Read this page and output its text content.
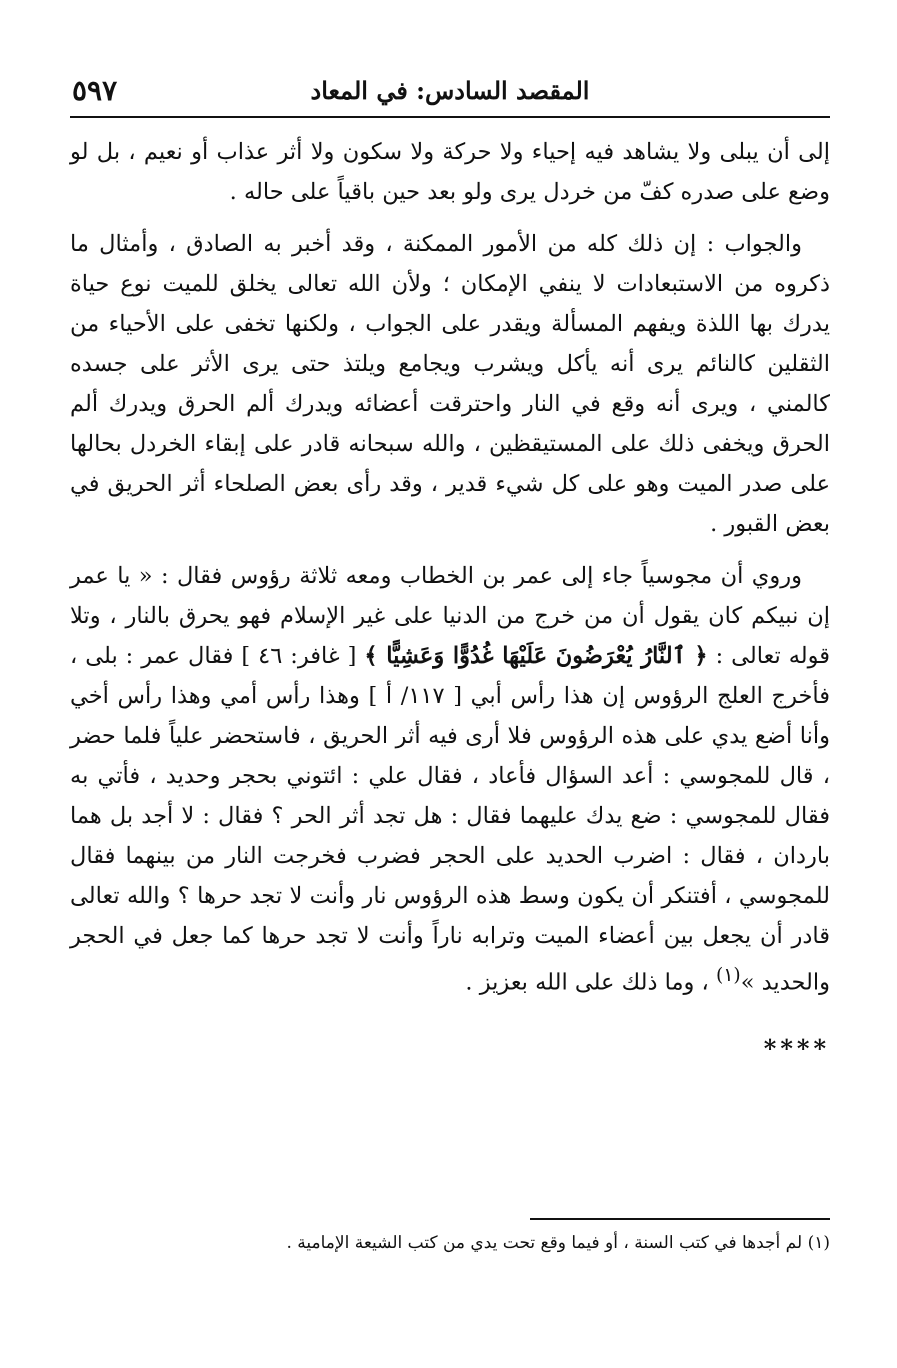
المقصد السادس: في المعاد
٥٩٧

إلى أن يبلى ولا يشاهد فيه إحياء ولا حركة ولا سكون ولا أثر عذاب أو نعيم ، بل لو وضع على صدره كفّ من خردل يرى ولو بعد حين باقياً على حاله .

والجواب : إن ذلك كله من الأمور الممكنة ، وقد أخبر به الصادق ، وأمثال ما ذكروه من الاستبعادات لا ينفي الإمكان ؛ ولأن الله تعالى يخلق للميت نوع حياة يدرك بها اللذة ويفهم المسألة ويقدر على الجواب ، ولكنها تخفى على الأحياء من الثقلين كالنائم يرى أنه يأكل ويشرب ويجامع ويلتذ حتى يرى الأثر على جسده كالمني ، ويرى أنه وقع في النار واحترقت أعضائه ويدرك ألم الحرق ويدرك ألم الحرق ويخفى ذلك على المستيقظين ، والله سبحانه قادر على إبقاء الخردل بحالها على صدر الميت وهو على كل شيء قدير ، وقد رأى بعض الصلحاء أثر الحريق في بعض القبور .

وروي أن مجوسياً جاء إلى عمر بن الخطاب ومعه ثلاثة رؤوس فقال : « يا عمر إن نبيكم كان يقول أن من خرج من الدنيا على غير الإسلام فهو يحرق بالنار ، وتلا قوله تعالى : ﴿ ٱلنَّارُ يُعْرَضُونَ عَلَيْهَا غُدُوًّا وَعَشِيًّا ﴾ [ غافر: ٤٦ ] فقال عمر : بلى ، فأخرج العلج الرؤوس إن هذا رأس أبي [ ١١٧/ أ ] وهذا رأس أمي وهذا رأس أخي وأنا أضع يدي على هذه الرؤوس فلا أرى فيه أثر الحريق ، فاستحضر علياً فلما حضر ، قال للمجوسي : أعد السؤال فأعاد ، فقال علي : ائتوني بحجر وحديد ، فأتي به فقال للمجوسي : ضع يدك عليهما فقال : هل تجد أثر الحر ؟ فقال : لا أجد بل هما باردان ، فقال : اضرب الحديد على الحجر فضرب فخرجت النار من بينهما فقال للمجوسي ، أفتنكر أن يكون وسط هذه الرؤوس نار وأنت لا تجد حرها ؟ والله تعالى قادر أن يجعل بين أعضاء الميت وترابه ناراً وأنت لا تجد حرها كما جعل في الحجر والحديد »$^{(١)}$ ، وما ذلك على الله بعزيز .

****
(١) لم أجدها في كتب السنة ، أو فيما وقع تحت يدي من كتب الشيعة الإمامية .
